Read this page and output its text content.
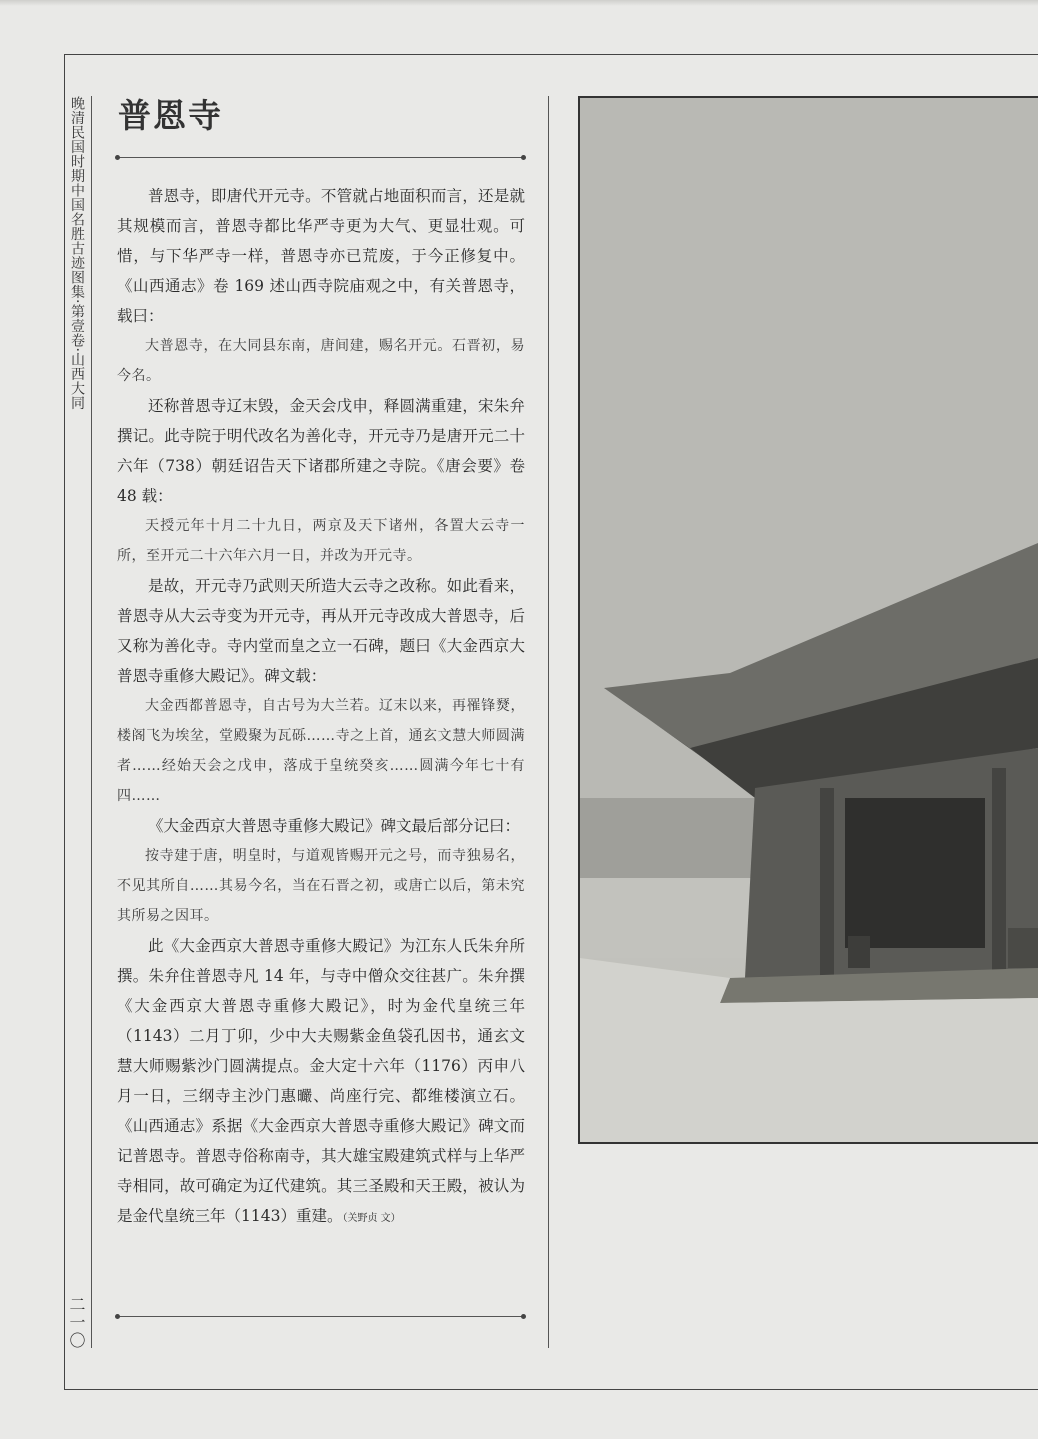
晚清民国时期中国名胜古迹图集·第壹卷·山西大同
二一〇
普恩寺

普恩寺，即唐代开元寺。不管就占地面积而言，还是就其规模而言，普恩寺都比华严寺更为大气、更显壮观。可惜，与下华严寺一样，普恩寺亦已荒废，于今正修复中。《山西通志》卷 169 述山西寺院庙观之中，有关普恩寺，载曰：

大普恩寺，在大同县东南，唐间建，赐名开元。石晋初，易今名。

还称普恩寺辽末毁，金天会戊申，释圆满重建，宋朱弁撰记。此寺院于明代改名为善化寺，开元寺乃是唐开元二十六年（738）朝廷诏告天下诸郡所建之寺院。《唐会要》卷 48 载：

天授元年十月二十九日，两京及天下诸州，各置大云寺一所，至开元二十六年六月一日，并改为开元寺。

是故，开元寺乃武则天所造大云寺之改称。如此看来，普恩寺从大云寺变为开元寺，再从开元寺改成大普恩寺，后又称为善化寺。寺内堂而皇之立一石碑，题曰《大金西京大普恩寺重修大殿记》。碑文载：

大金西都普恩寺，自古号为大兰若。辽末以来，再罹锋燹，楼阁飞为埃坌，堂殿聚为瓦砾……寺之上首，通玄文慧大师圆满者……经始天会之戊申，落成于皇统癸亥……圆满今年七十有四……

《大金西京大普恩寺重修大殿记》碑文最后部分记曰：

按寺建于唐，明皇时，与道观皆赐开元之号，而寺独易名，不见其所自……其易今名，当在石晋之初，或唐亡以后，第未究其所易之因耳。

此《大金西京大普恩寺重修大殿记》为江东人氏朱弁所撰。朱弁住普恩寺凡 14 年，与寺中僧众交往甚广。朱弁撰《大金西京大普恩寺重修大殿记》，时为金代皇统三年（1143）二月丁卯，少中大夫赐紫金鱼袋孔因书，通玄文慧大师赐紫沙门圆满提点。金大定十六年（1176）丙申八月一日，三纲寺主沙门惠曮、尚座行完、都维楼演立石。《山西通志》系据《大金西京大普恩寺重修大殿记》碑文而记普恩寺。普恩寺俗称南寺，其大雄宝殿建筑式样与上华严寺相同，故可确定为辽代建筑。其三圣殿和天王殿，被认为是金代皇统三年（1143）重建。（关野贞 文）
